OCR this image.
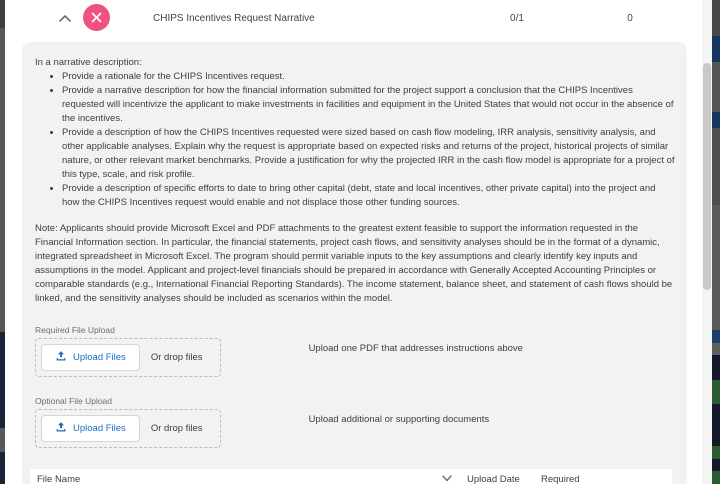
CHIPS Incentives Request Narrative	0/1	0

In a narrative description:

• Provide a rationale for the CHIPS Incentives request.
• Provide a narrative description for how the financial information submitted for the project support a conclusion that the CHIPS Incentives requested will incentivize the applicant to make investments in facilities and equipment in the United States that would not occur in the absence of the incentives.
• Provide a description of how the CHIPS Incentives requested were sized based on cash flow modeling, IRR analysis, sensitivity analysis, and other applicable analyses. Explain why the request is appropriate based on expected risks and returns of the project, historical projects of similar nature, or other relevant market benchmarks. Provide a justification for why the projected IRR in the cash flow model is appropriate for a project of this type, scale, and risk profile.
• Provide a description of specific efforts to date to bring other capital (debt, state and local incentives, other private capital) into the project and how the CHIPS Incentives request would enable and not displace those other funding sources.

Note: Applicants should provide Microsoft Excel and PDF attachments to the greatest extent feasible to support the information requested in the Financial Information section. In particular, the financial statements, project cash flows, and sensitivity analyses should be in the format of a dynamic, integrated spreadsheet in Microsoft Excel. The program should permit variable inputs to the key assumptions and clearly identify key inputs and assumptions in the model. Applicant and project-level financials should be prepared in accordance with Generally Accepted Accounting Principles or comparable standards (e.g., International Financial Reporting Standards). The income statement, balance sheet, and statement of cash flows should be linked, and the sensitivity analyses should be included as scenarios within the model.

Required File Upload
Upload Files	Or drop files
Upload one PDF that addresses instructions above
Optional File Upload
Upload Files	Or drop files
Upload additional or supporting documents
File Name	Upload Date	Required
